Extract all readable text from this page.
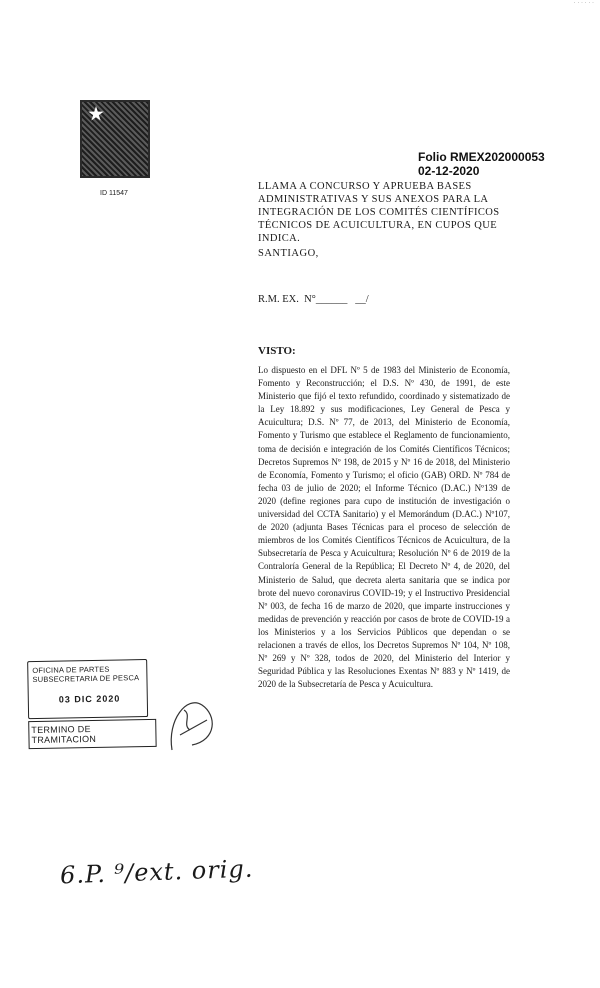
· · · · · ·
ID 11547
Folio RMEX202000053
02-12-2020
LLAMA A CONCURSO Y APRUEBA BASES ADMINISTRATIVAS Y SUS ANEXOS PARA LA INTEGRACIÓN DE LOS COMITÉS CIENTÍFICOS TÉCNICOS DE ACUICULTURA, EN CUPOS QUE INDICA.
SANTIAGO,
R.M. EX.  N°______   __/
VISTO:

Lo dispuesto en el DFL Nº 5 de 1983 del Ministerio de Economía, Fomento y Reconstrucción; el D.S. Nº 430, de 1991, de este Ministerio que fijó el texto refundido, coordinado y sistematizado de la Ley 18.892 y sus modificaciones, Ley General de Pesca y Acuicultura; D.S. Nº 77, de 2013, del Ministerio de Economía, Fomento y Turismo que establece el Reglamento de funcionamiento, toma de decisión e integración de los Comités Científicos Técnicos; Decretos Supremos Nº 198, de 2015 y Nº 16 de 2018, del Ministerio de Economía, Fomento y Turismo; el oficio (GAB) ORD. Nº 784 de fecha 03 de julio de 2020; el Informe Técnico (D.AC.) Nº139 de 2020 (define regiones para cupo de institución de investigación o universidad del CCTA Sanitario) y el Memorándum (D.AC.) Nº107, de 2020 (adjunta Bases Técnicas para el proceso de selección de miembros de los Comités Científicos Técnicos de Acuicultura, de la Subsecretaría de Pesca y Acuicultura; Resolución Nº 6 de 2019 de la Contraloría General de la República; El Decreto Nº 4, de 2020, del Ministerio de Salud, que decreta alerta sanitaria que se indica por brote del nuevo coronavirus COVID-19; y el Instructivo Presidencial Nº 003, de fecha 16 de marzo de 2020, que imparte instrucciones y medidas de prevención y reacción por casos de brote de COVID-19 a los Ministerios y a los Servicios Públicos que dependan o se relacionen a través de ellos, los Decretos Supremos Nº 104, Nº 108, Nº 269 y Nº 328, todos de 2020, del Ministerio del Interior y Seguridad Pública y las Resoluciones Exentas Nº 883 y Nº 1419, de 2020 de la Subsecretaría de Pesca y Acuicultura.

OFICINA DE PARTES
SUBSECRETARIA DE PESCA
03 DIC 2020
TERMINO DE TRAMITACION
6.P. ⁹/ext. orig.
